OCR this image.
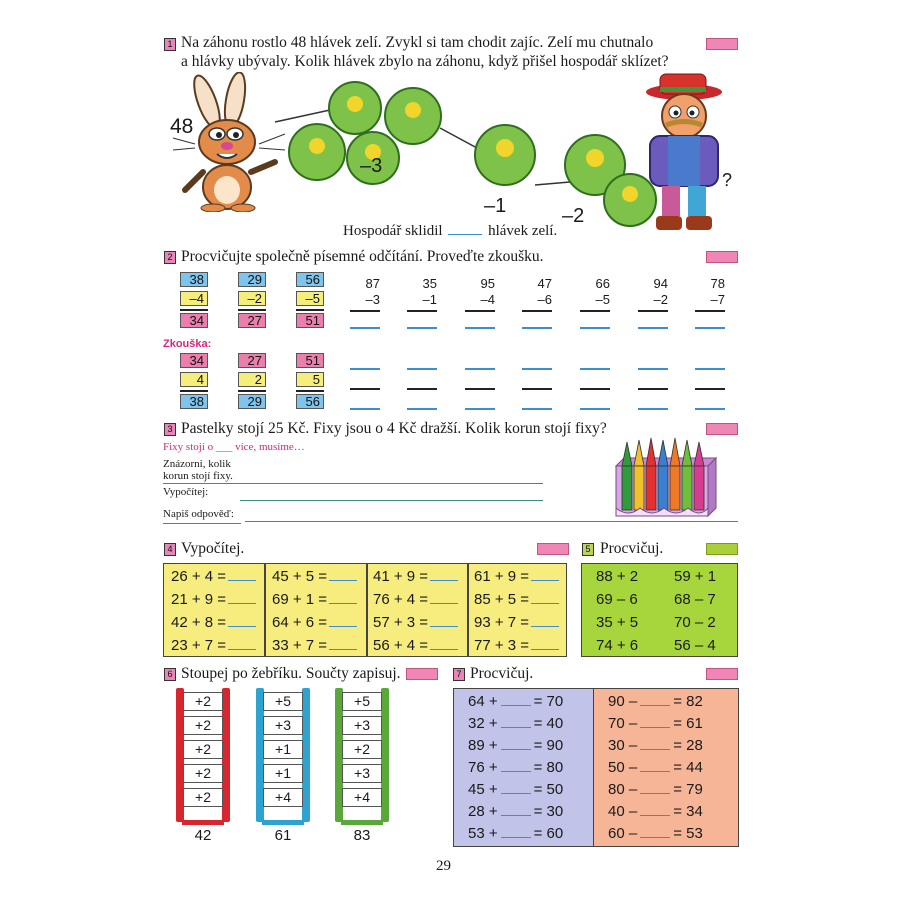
1 Na záhonu rostlo 48 hlávek zelí. Zvykl si tam chodit zajíc. Zelí mu chutnalo
a hlávky ubývaly. Kolik hlávek zbylo na záhonu, když přišel hospodář sklízet?
48
–3
–1	–2
?
Hospodář sklidil	hlávek zelí.
2 Procvičujte společně písemné odčítání. Proveďte zkoušku.
38
–4
34
29
–2
27
56
–5
51
87
–3
35
–1
95
–4
47
–6
66
–5
94
–2
78
–7
Zkouška:
34
4
38
27
2
29
51
5
56
3 Pastelky stojí 25 Kč. Fixy jsou o 4 Kč dražší. Kolik korun stojí fixy?
Fixy stojí o ___ více, musíme…
Znázorni, kolik
korun stojí fixy.
Vypočítej:
Napiš odpověď:
4 Vypočítej.
26 + 4 =
21 + 9 =
42 + 8 =
23 + 7 =
45 + 5 =
69 + 1 =
64 + 6 =
33 + 7 =
41 + 9 =
76 + 4 =
57 + 3 =
56 + 4 =
61 + 9 =
85 + 5 =
93 + 7 =
77 + 3 =
5 Procvičuj.
88 + 2
69 – 6
35 + 5
74 + 6
59 + 1
68 – 7
70 – 2
56 – 4
6 Stoupej po žebříku. Součty zapisuj.
+2
+2
+2
+2
+2
42
+5
+3
+1
+1
+4
61
+5
+3
+2
+3
+4
83
7 Procvičuj.
64 + = 70
32 + = 40
89 + = 90
76 + = 80
45 + = 50
28 + = 30
53 + = 60
90 – = 82
70 – = 61
30 – = 28
50 – = 44
80 – = 79
40 – = 34
60 – = 53
29
